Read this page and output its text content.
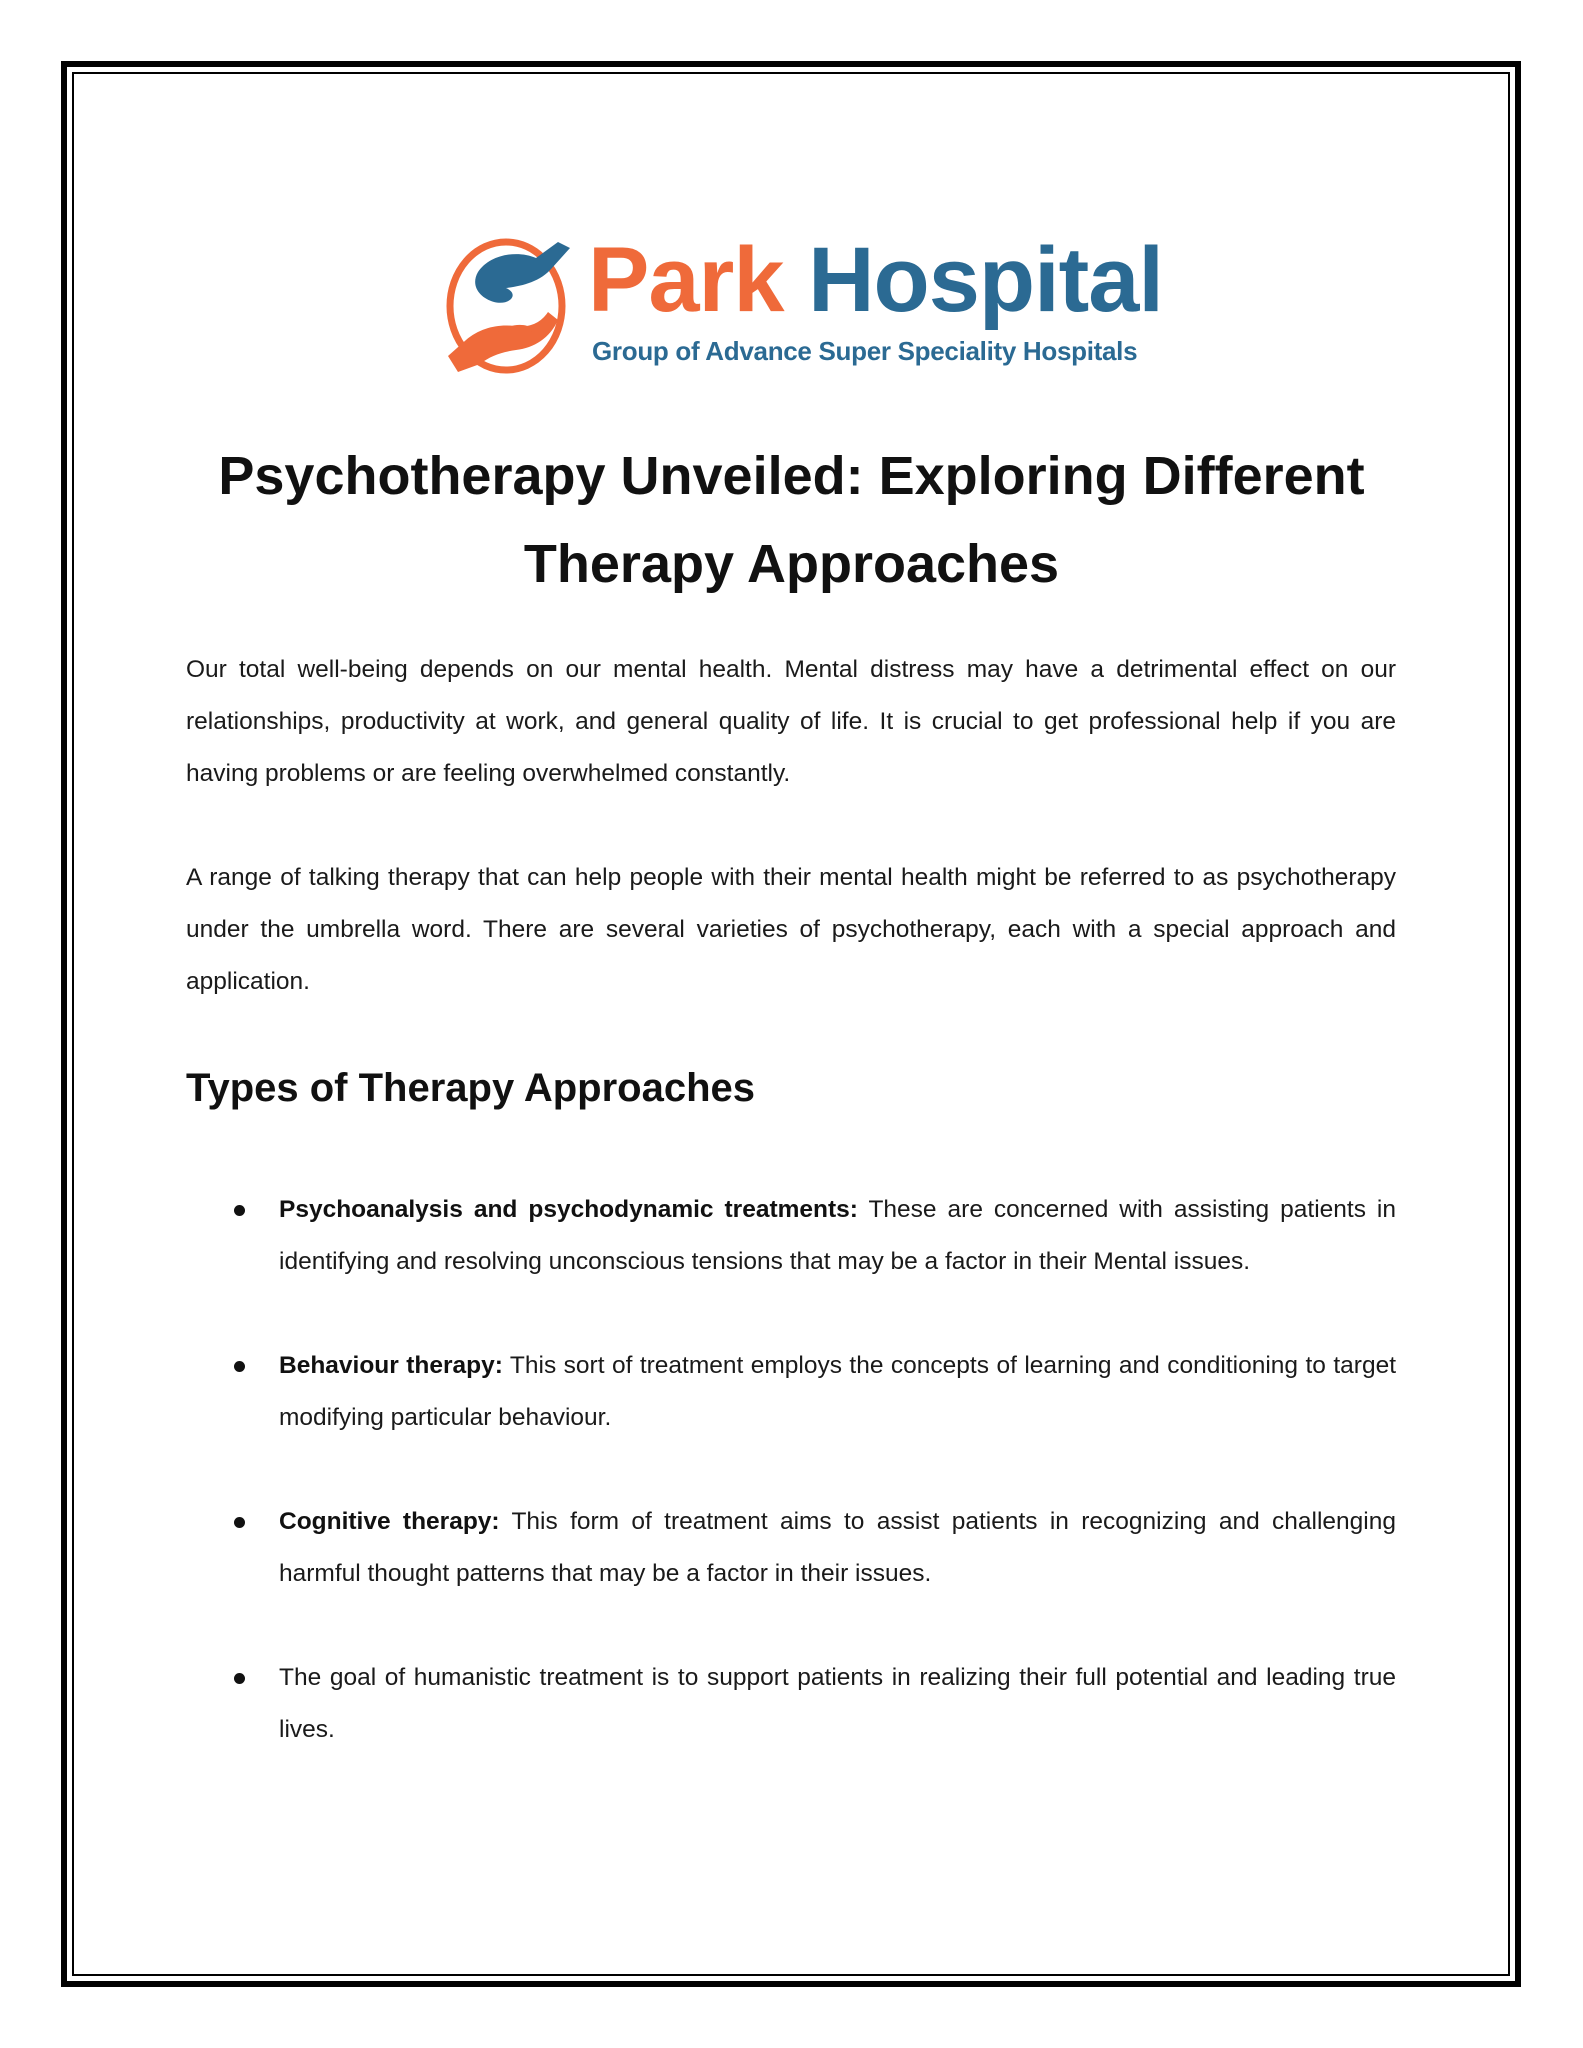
Park Hospital
Group of Advance Super Speciality Hospitals
Psychotherapy Unveiled: Exploring Different Therapy Approaches

Our total well-being depends on our mental health. Mental distress may have a detrimental effect on our relationships, productivity at work, and general quality of life. It is crucial to get professional help if you are having problems or are feeling overwhelmed constantly.

A range of talking therapy that can help people with their mental health might be referred to as psychotherapy under the umbrella word. There are several varieties of psychotherapy, each with a special approach and application.

Types of Therapy Approaches
Psychoanalysis and psychodynamic treatments: These are concerned with assisting patients in identifying and resolving unconscious tensions that may be a factor in their Mental issues.
Behaviour therapy: This sort of treatment employs the concepts of learning and conditioning to target modifying particular behaviour.
Cognitive therapy: This form of treatment aims to assist patients in recognizing and challenging harmful thought patterns that may be a factor in their issues.
The goal of humanistic treatment is to support patients in realizing their full potential and leading true lives.
